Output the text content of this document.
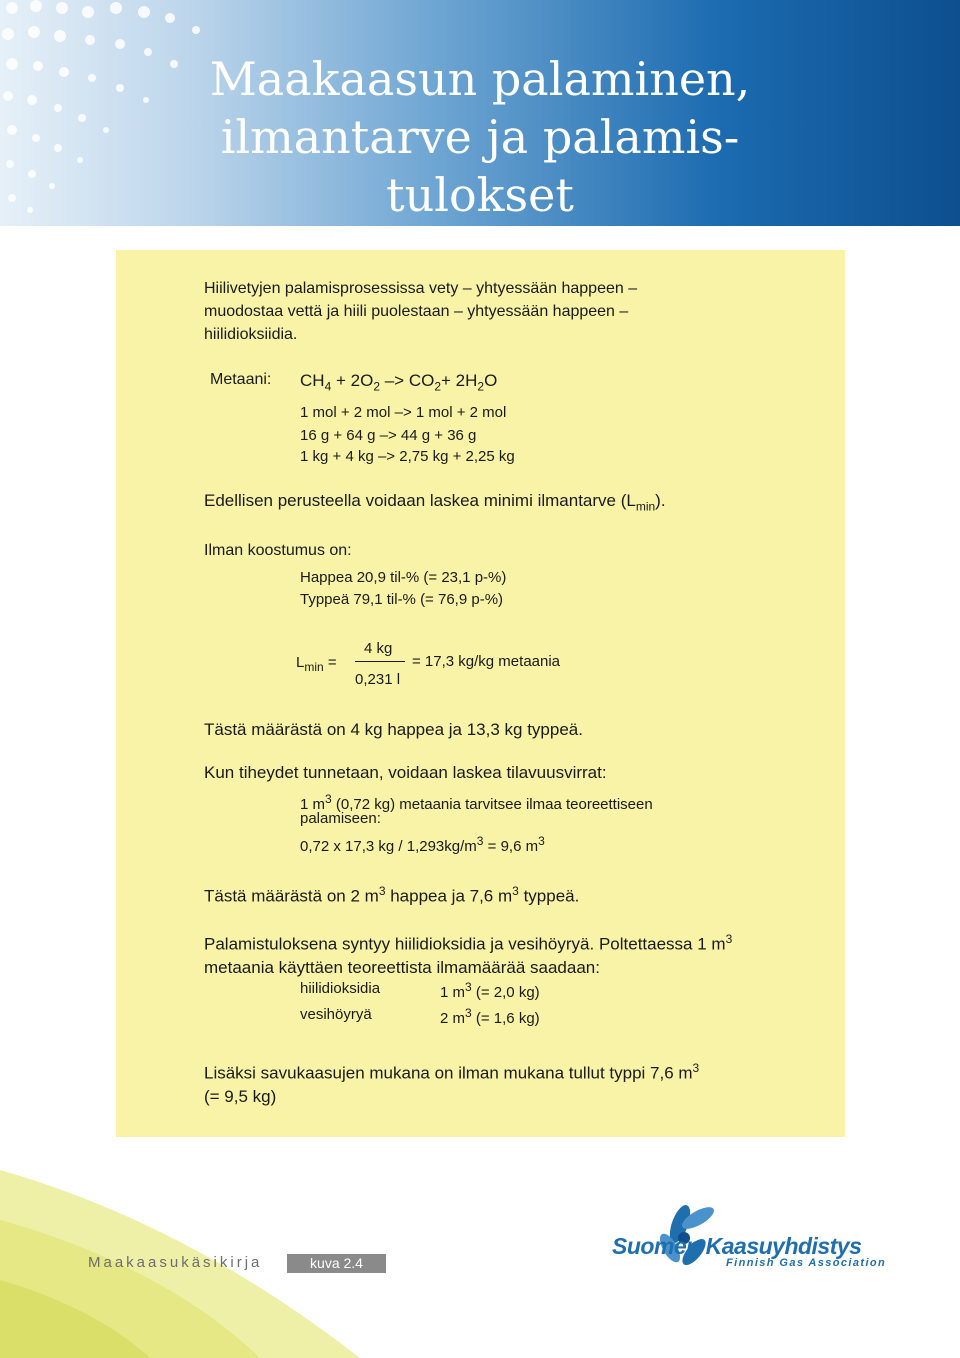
Maakaasun palaminen,
ilmantarve ja palamis-
tulokset
Hiilivetyjen palamisprosessissa vety – yhtyessään happeen –
muodostaa vettä ja hiili puolestaan – yhtyessään happeen –
hiilidioksiidia.
Metaani: $CH_4 + 2O_2 -> CO_2+ 2H_2O$
1 mol + 2 mol –> 1 mol + 2 mol
16 g + 64 g –> 44 g + 36 g
1 kg + 4 kg –> 2,75 kg + 2,25 kg
Edellisen perusteella voidaan laskea minimi ilmantarve $(L_{min})$.
Ilman koostumus on:
Happea 20,9 til-% (= 23,1 p-%)
Typpeä 79,1 til-% (= 76,9 p-%)
$L_{min}$ =
4 kg
0,231 l
= 17,3 kg/kg metaania
Tästä määrästä on 4 kg happea ja 13,3 kg typpeä.
Kun tiheydet tunnetaan, voidaan laskea tilavuusvirrat:
1 $m^3$ (0,72 kg) metaania tarvitsee ilmaa teoreettiseen
palamiseen:
0,72 x 17,3 kg / $1,293kg/m^3 = 9,6$ $m^3$
Tästä määrästä on 2 $m^3$ happea ja 7,6 $m^3$ typpeä.
Palamistuloksena syntyy hiilidioksidia ja vesihöyryä. Poltettaessa 1 $m^3$
metaania käyttäen teoreettista ilmamäärää saadaan:
hiilidioksidia	1 $m^3$ (= 2,0 kg)
vesihöyryä	2 $m^3$ (= 1,6 kg)
Lisäksi savukaasujen mukana on ilman mukana tullut typpi 7,6 $m^3$
(= 9,5 kg)
Maakaasukäsikirja	kuva 2.4
Suomen Kaasuyhdistys
Finnish Gas Association
